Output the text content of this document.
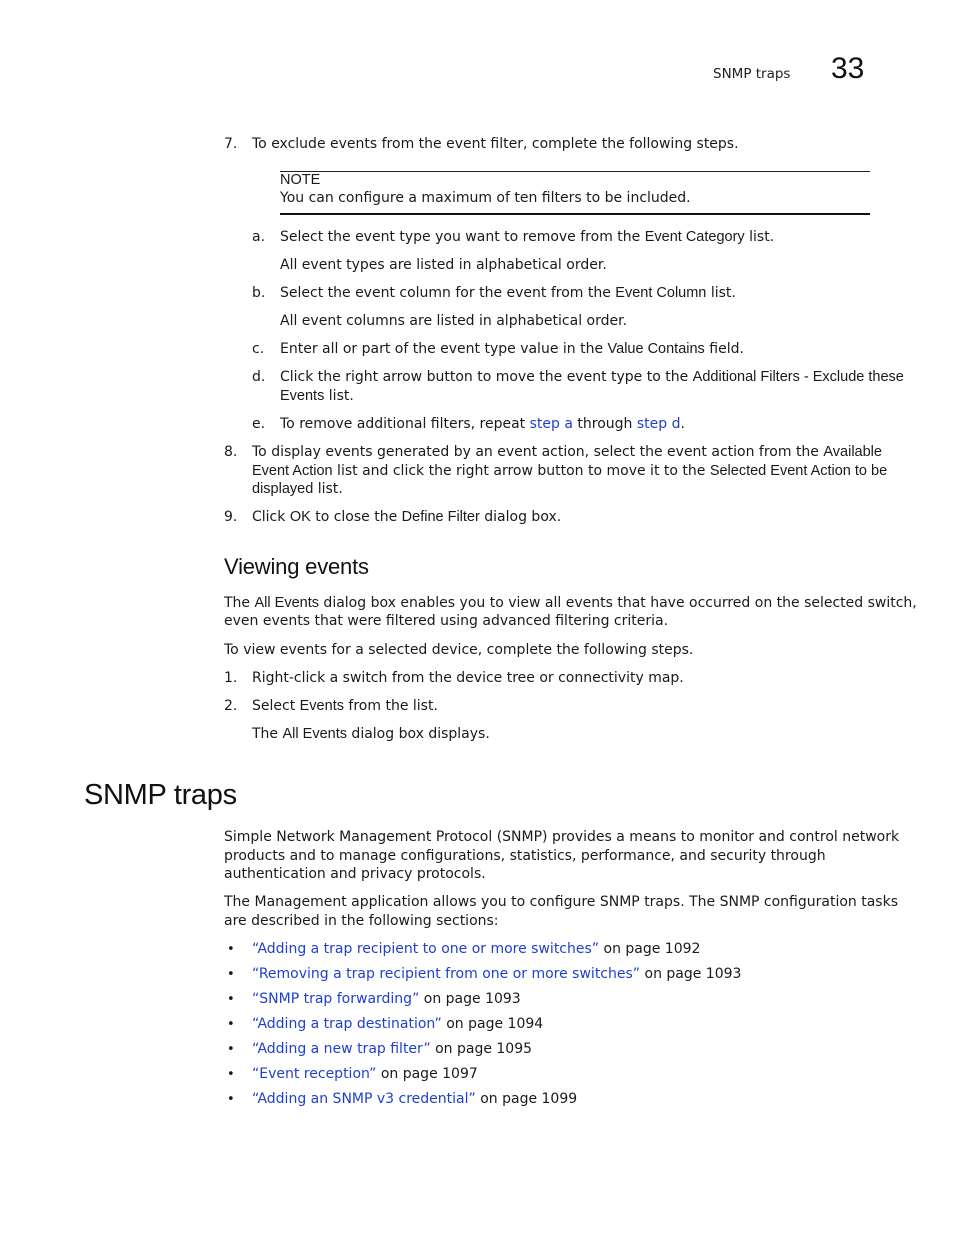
SNMP traps 33
7. To exclude events from the event filter, complete the following steps.
NOTE
You can configure a maximum of ten filters to be included.
a. Select the event type you want to remove from the Event Category list.
All event types are listed in alphabetical order.
b. Select the event column for the event from the Event Column list.
All event columns are listed in alphabetical order.
c. Enter all or part of the event type value in the Value Contains field.
d. Click the right arrow button to move the event type to the Additional Filters - Exclude these
Events list.
e. To remove additional filters, repeat step a through step d.
8. To display events generated by an event action, select the event action from the Available
Event Action list and click the right arrow button to move it to the Selected Event Action to be
displayed list.
9. Click OK to close the Define Filter dialog box.
Viewing events
The All Events dialog box enables you to view all events that have occurred on the selected switch,
even events that were filtered using advanced filtering criteria.
To view events for a selected device, complete the following steps.
1. Right-click a switch from the device tree or connectivity map.
2. Select Events from the list.
The All Events dialog box displays.
SNMP traps
Simple Network Management Protocol (SNMP) provides a means to monitor and control network
products and to manage configurations, statistics, performance, and security through
authentication and privacy protocols.
The Management application allows you to configure SNMP traps. The SNMP configuration tasks
are described in the following sections:
• “Adding a trap recipient to one or more switches” on page 1092
• “Removing a trap recipient from one or more switches” on page 1093
• “SNMP trap forwarding” on page 1093
• “Adding a trap destination” on page 1094
• “Adding a new trap filter” on page 1095
• “Event reception” on page 1097
• “Adding an SNMP v3 credential” on page 1099
